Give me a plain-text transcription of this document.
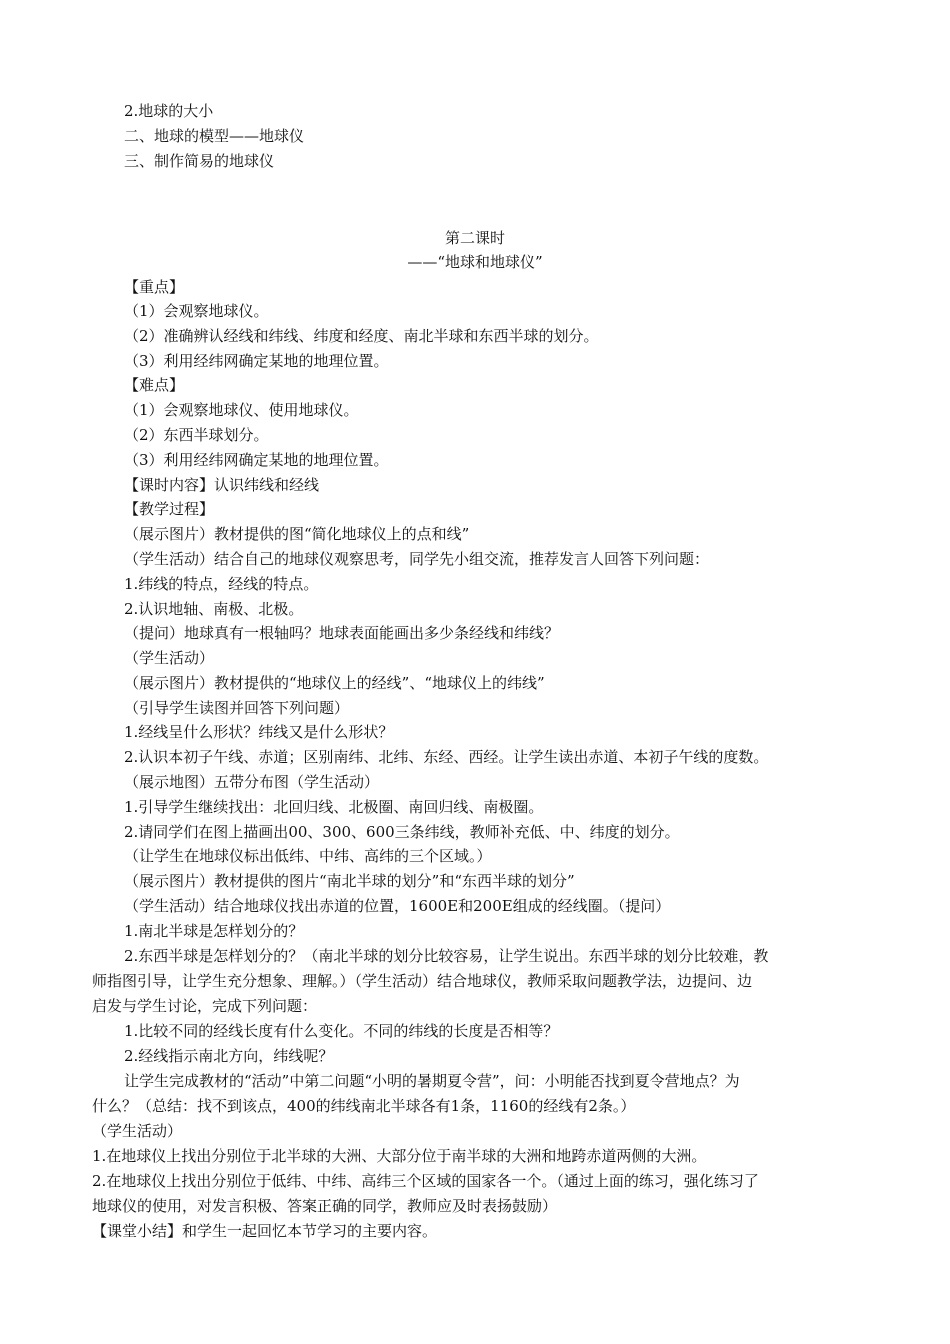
2.地球的大小
二、地球的模型——地球仪
三、制作简易的地球仪
第二课时
——“地球和地球仪”
【重点】
（1）会观察地球仪。
（2）准确辨认经线和纬线、纬度和经度、南北半球和东西半球的划分。
（3）利用经纬网确定某地的地理位置。
【难点】
（1）会观察地球仪、使用地球仪。
（2）东西半球划分。
（3）利用经纬网确定某地的地理位置。
【课时内容】认识纬线和经线
【教学过程】
（展示图片）教材提供的图“简化地球仪上的点和线”
（学生活动）结合自己的地球仪观察思考，同学先小组交流，推荐发言人回答下列问题：
1.纬线的特点，经线的特点。
2.认识地轴、南极、北极。
（提问）地球真有一根轴吗？地球表面能画出多少条经线和纬线？
（学生活动）
（展示图片）教材提供的“地球仪上的经线”、“地球仪上的纬线”
（引导学生读图并回答下列问题）
1.经线呈什么形状？纬线又是什么形状？
2.认识本初子午线、赤道；区别南纬、北纬、东经、西经。让学生读出赤道、本初子午线的度数。
（展示地图）五带分布图（学生活动）
1.引导学生继续找出：北回归线、北极圈、南回归线、南极圈。
2.请同学们在图上描画出00、300、600三条纬线，教师补充低、中、纬度的划分。
（让学生在地球仪标出低纬、中纬、高纬的三个区域。）
（展示图片）教材提供的图片“南北半球的划分”和“东西半球的划分”
（学生活动）结合地球仪找出赤道的位置，1600E和200E组成的经线圈。（提问）
1.南北半球是怎样划分的？
2.东西半球是怎样划分的？（南北半球的划分比较容易，让学生说出。东西半球的划分比较难，教
师指图引导，让学生充分想象、理解。）（学生活动）结合地球仪，教师采取问题教学法，边提问、边
启发与学生讨论，完成下列问题：
1.比较不同的经线长度有什么变化。不同的纬线的长度是否相等？
2.经线指示南北方向，纬线呢？
让学生完成教材的“活动”中第二问题“小明的暑期夏令营”，问：小明能否找到夏令营地点？为
什么？（总结：找不到该点，400的纬线南北半球各有1条，1160的经线有2条。）
（学生活动）
1.在地球仪上找出分别位于北半球的大洲、大部分位于南半球的大洲和地跨赤道两侧的大洲。
2.在地球仪上找出分别位于低纬、中纬、高纬三个区域的国家各一个。（通过上面的练习，强化练习了
地球仪的使用，对发言积极、答案正确的同学，教师应及时表扬鼓励）
【课堂小结】和学生一起回忆本节学习的主要内容。
